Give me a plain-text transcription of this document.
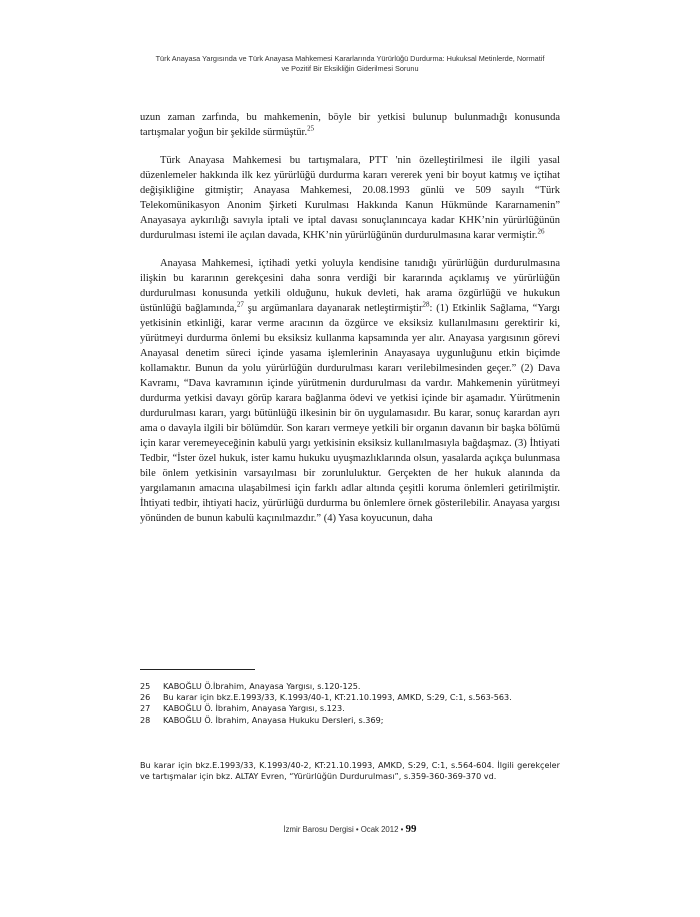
Türk Anayasa Yargısında ve Türk Anayasa Mahkemesi Kararlarında Yürürlüğü Durdurma: Hukuksal Metinlerde, Normatif
ve Pozitif Bir Eksikliğin Giderilmesi Sorunu

uzun zaman zarfında, bu mahkemenin, böyle bir yetkisi bulunup bulunmadığı konusunda tartışmalar yoğun bir şekilde sürmüştür.$^{25}$

Türk Anayasa Mahkemesi bu tartışmalara, PTT 'nin özelleştirilmesi ile ilgili yasal düzenlemeler hakkında ilk kez yürürlüğü durdurma kararı vererek yeni bir boyut katmış ve içtihat değişikliğine gitmiştir; Anayasa Mahkemesi, 20.08.1993 günlü ve 509 sayılı “Türk Telekomünikasyon Anonim Şirketi Kurulması Hakkında Kanun Hükmünde Kararnamenin” Anayasaya aykırılığı savıyla iptali ve iptal davası sonuçlanıncaya kadar KHK’nin yürürlüğünün durdurulması istemi ile açılan davada, KHK’nin yürürlüğünün durdurulmasına karar vermiştir.$^{26}$

Anayasa Mahkemesi, içtihadi yetki yoluyla kendisine tanıdığı yürürlüğün durdurulmasına ilişkin bu kararının gerekçesini daha sonra verdiği bir kararında açıklamış ve yürürlüğün durdurulması konusunda yetkili olduğunu, hukuk devleti, hak arama özgürlüğü ve hukukun üstünlüğü bağlamında,$^{27}$ şu argümanlara dayanarak netleştirmiştir$^{28}$: (1) Etkinlik Sağlama, “Yargı yetkisinin etkinliği, karar verme aracının da özgürce ve eksiksiz kullanılmasını gerektirir ki, yürütmeyi durdurma önlemi bu eksiksiz kullanma kapsamında yer alır. Anayasa yargısının görevi Anayasal denetim süreci içinde yasama işlemlerinin Anayasaya uygunluğunu etkin biçimde kollamaktır. Bunun da yolu yürürlüğün durdurulması kararı verilebilmesinden geçer.” (2) Dava Kavramı, “Dava kavramının içinde yürütmenin durdurulması da vardır. Mahkemenin yürütmeyi durdurma yetkisi davayı görüp karara bağlanma ödevi ve yetkisi içinde bir aşamadır. Yürütmenin durdurulması kararı, yargı bütünlüğü ilkesinin bir ön uygulamasıdır. Bu karar, sonuç karardan ayrı ama o davayla ilgili bir bölümdür. Son kararı vermeye yetkili bir organın davanın bir başka bölümü için karar veremeyeceğinin kabulü yargı yetkisinin eksiksiz kullanılmasıyla bağdaşmaz. (3) İhtiyati Tedbir, “İster özel hukuk, ister kamu hukuku uyuşmazlıklarında olsun, yasalarda açıkça bulunmasa bile önlem yetkisinin varsayılması bir zorunluluktur. Gerçekten de her hukuk alanında da yargılamanın amacına ulaşabilmesi için farklı adlar altında çeşitli koruma önlemleri getirilmiştir. İhtiyati tedbir, ihtiyati haciz, yürürlüğü durdurma bu önlemlere örnek gösterilebilir. Anayasa yargısı yönünden de bunun kabulü kaçınılmazdır.” (4) Yasa koyucunun, daha

25 KABOĞLU Ö.İbrahim, Anayasa Yargısı, s.120-125.
26 Bu karar için bkz.E.1993/33, K.1993/40-1, KT:21.10.1993, AMKD, S:29, C:1, s.563-563.
27 KABOĞLU Ö. İbrahim, Anayasa Yargısı, s.123.
28 KABOĞLU Ö. İbrahim, Anayasa Hukuku Dersleri, s.369;
Bu karar için bkz.E.1993/33, K.1993/40-2, KT:21.10.1993, AMKD, S:29, C:1, s.564-604. İlgili gerekçeler ve tartışmalar için bkz. ALTAY Evren, “Yürürlüğün Durdurulması”, s.359-360-369-370 vd.
İzmir Barosu Dergisi • Ocak 2012 • 99
